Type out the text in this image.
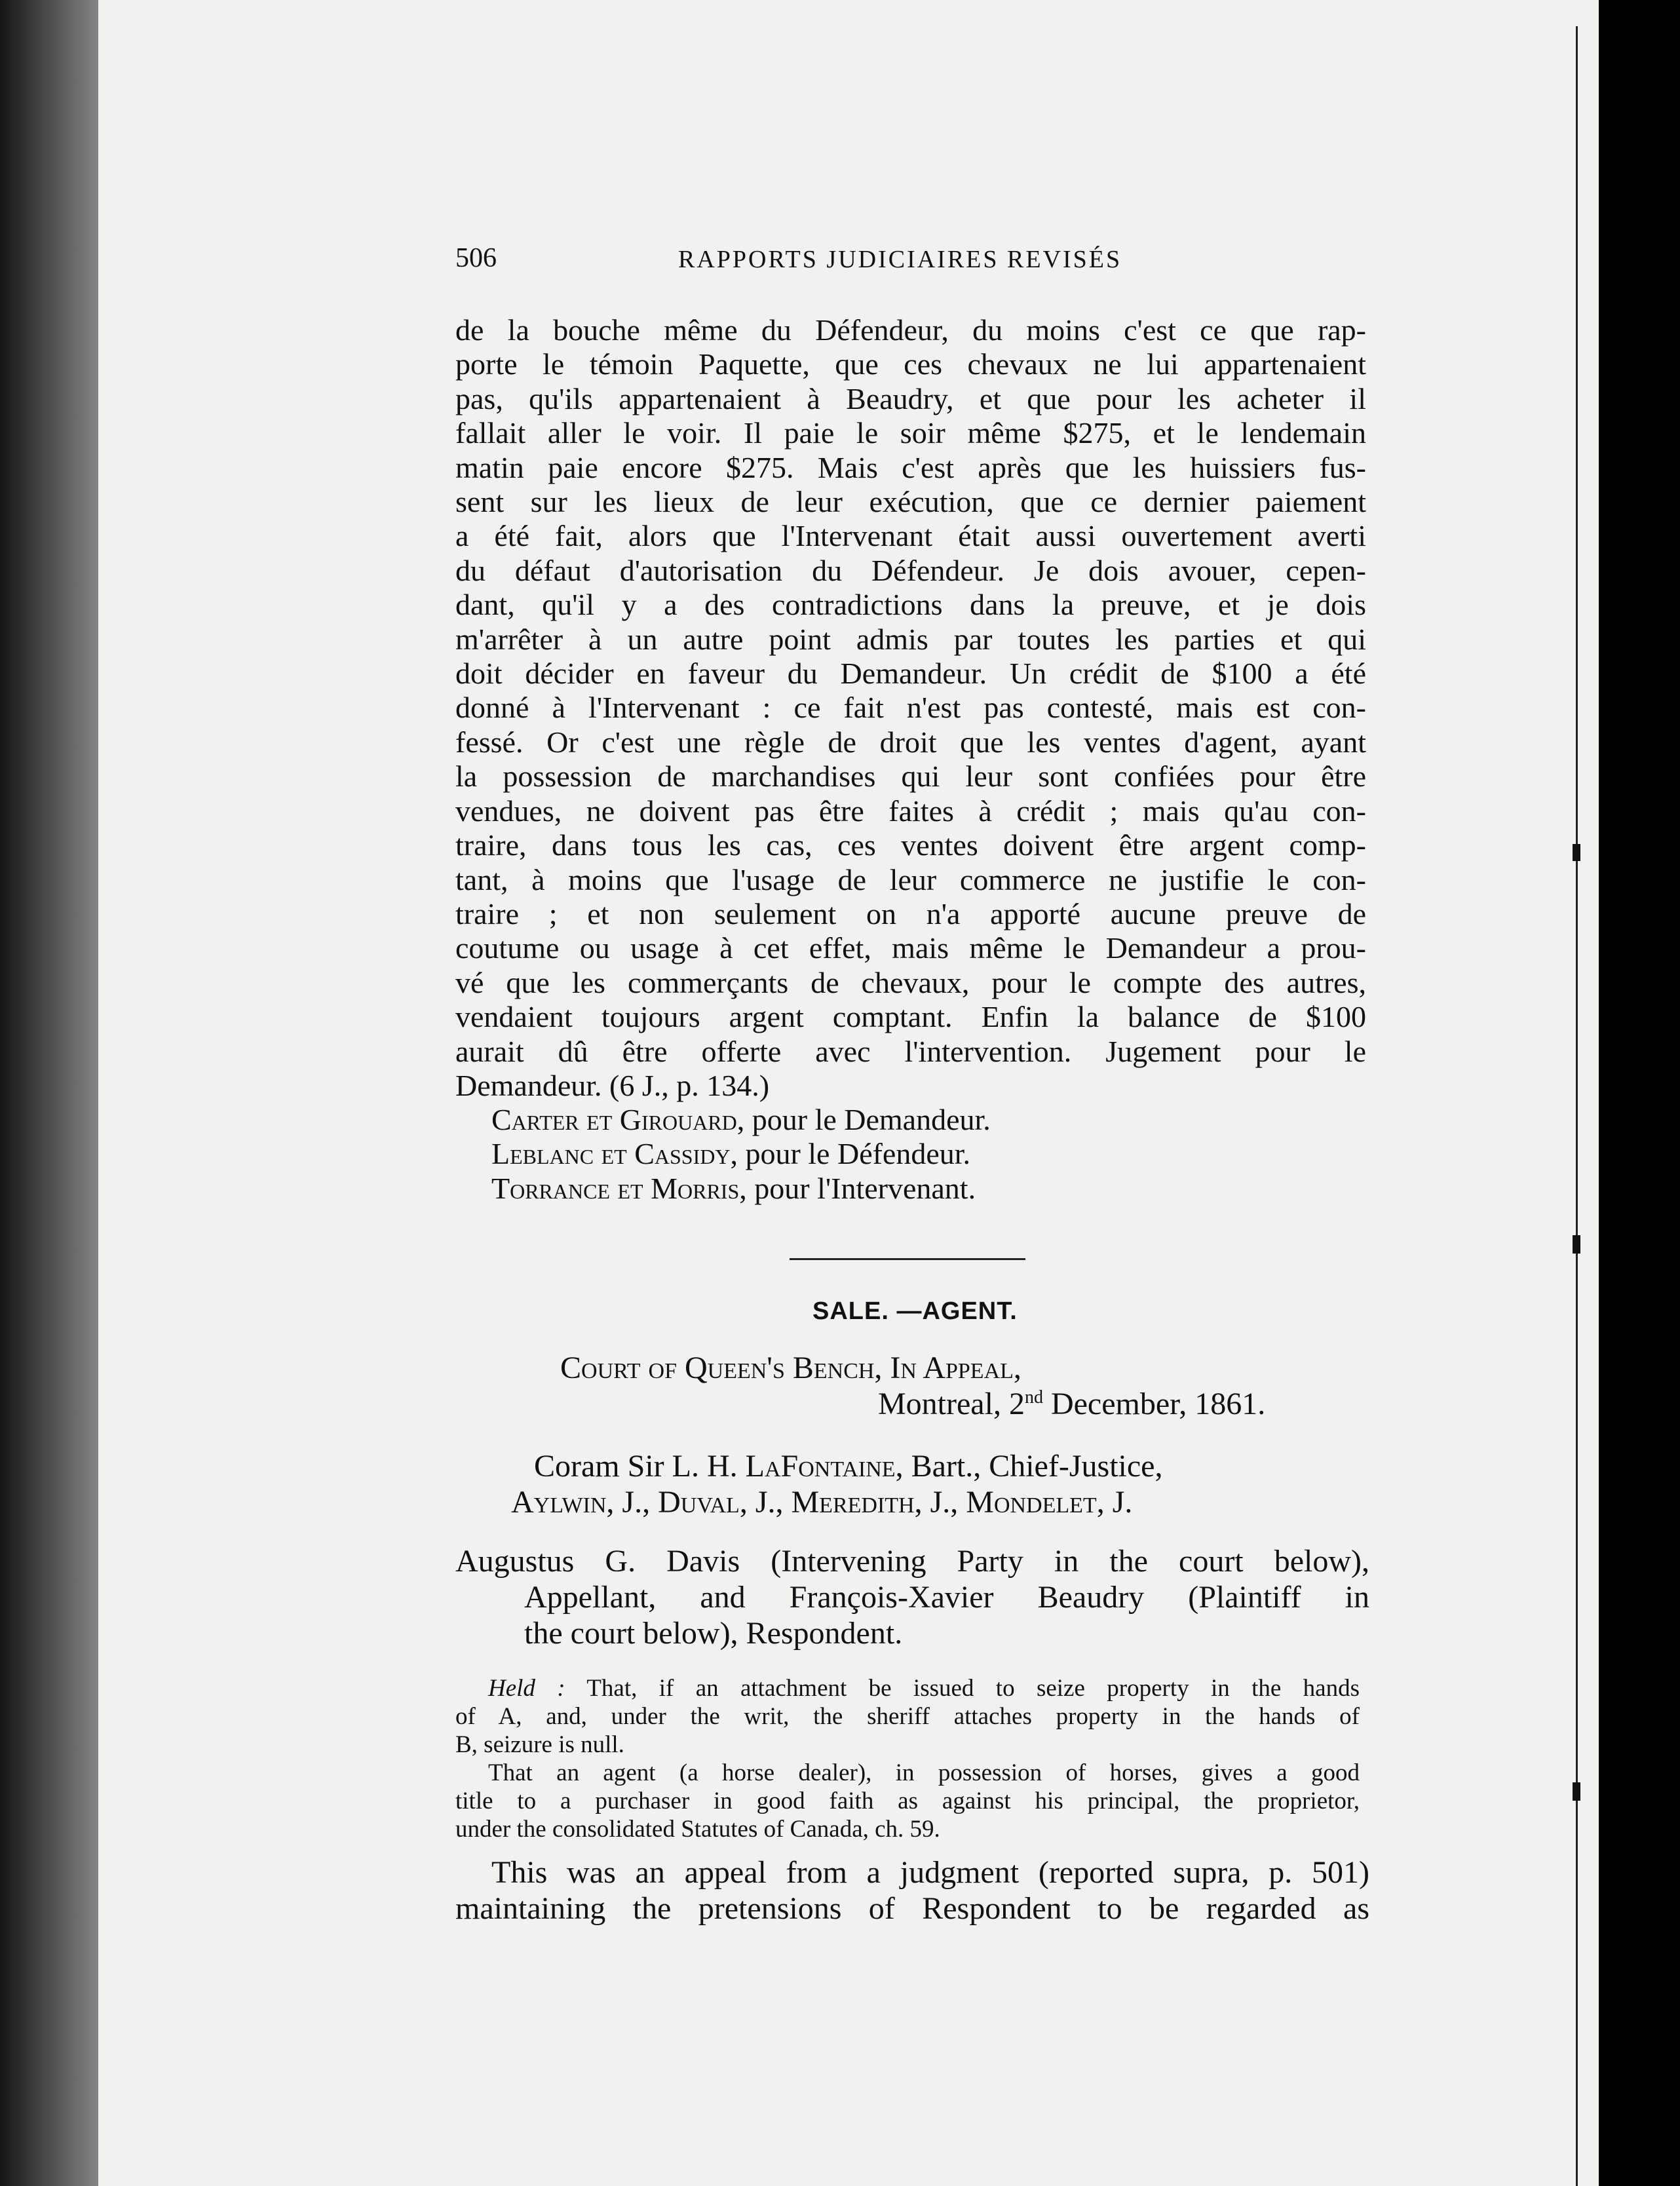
506	RAPPORTS JUDICIAIRES REVISÉS
de la bouche même du Défendeur, du moins c'est ce que rap-
porte le témoin Paquette, que ces chevaux ne lui appartenaient
pas, qu'ils appartenaient à Beaudry, et que pour les acheter il
fallait aller le voir. Il paie le soir même $275, et le lendemain
matin paie encore $275. Mais c'est après que les huissiers fus-
sent sur les lieux de leur exécution, que ce dernier paiement
a été fait, alors que l'Intervenant était aussi ouvertement averti
du défaut d'autorisation du Défendeur. Je dois avouer, cepen-
dant, qu'il y a des contradictions dans la preuve, et je dois
m'arrêter à un autre point admis par toutes les parties et qui
doit décider en faveur du Demandeur. Un crédit de $100 a été
donné à l'Intervenant : ce fait n'est pas contesté, mais est con-
fessé. Or c'est une règle de droit que les ventes d'agent, ayant
la possession de marchandises qui leur sont confiées pour être
vendues, ne doivent pas être faites à crédit ; mais qu'au con-
traire, dans tous les cas, ces ventes doivent être argent comp-
tant, à moins que l'usage de leur commerce ne justifie le con-
traire ; et non seulement on n'a apporté aucune preuve de
coutume ou usage à cet effet, mais même le Demandeur a prou-
vé que les commerçants de chevaux, pour le compte des autres,
vendaient toujours argent comptant. Enfin la balance de $100
aurait dû être offerte avec l'intervention. Jugement pour le
Demandeur. (6 J., p. 134.)
Carter et Girouard, pour le Demandeur.
Leblanc et Cassidy, pour le Défendeur.
Torrance et Morris, pour l'Intervenant.
SALE. —AGENT.
Court of Queen's Bench, In Appeal,
Montreal, 2nd December, 1861.
Coram Sir L. H. LaFontaine, Bart., Chief-Justice,
Aylwin, J., Duval, J., Meredith, J., Mondelet, J.
Augustus G. Davis (Intervening Party in the court below),
Appellant, and François-Xavier Beaudry (Plaintiff in
the court below), Respondent.
Held : That, if an attachment be issued to seize property in the hands
of A, and, under the writ, the sheriff attaches property in the hands of
B, seizure is null.
That an agent (a horse dealer), in possession of horses, gives a good
title to a purchaser in good faith as against his principal, the proprietor,
under the consolidated Statutes of Canada, ch. 59.
This was an appeal from a judgment (reported supra, p. 501)
maintaining the pretensions of Respondent to be regarded as
